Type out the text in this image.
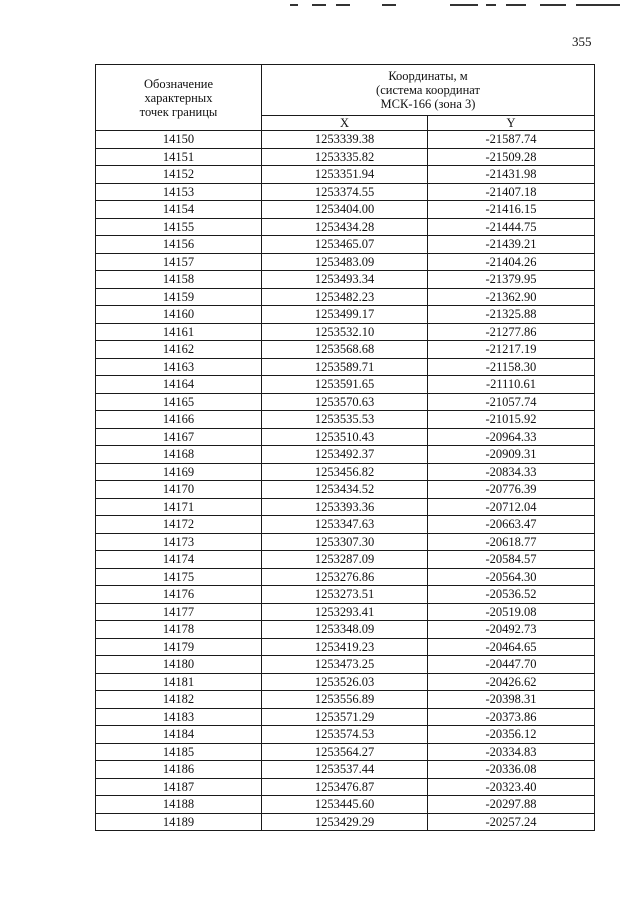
355
Обозначение
характерных
точек границы	Координаты, м
(система координат
МСК-166 (зона 3)	

	X	Y
14150	1253339.38	-21587.74
14151	1253335.82	-21509.28
14152	1253351.94	-21431.98
14153	1253374.55	-21407.18
14154	1253404.00	-21416.15
14155	1253434.28	-21444.75
14156	1253465.07	-21439.21
14157	1253483.09	-21404.26
14158	1253493.34	-21379.95
14159	1253482.23	-21362.90
14160	1253499.17	-21325.88
14161	1253532.10	-21277.86
14162	1253568.68	-21217.19
14163	1253589.71	-21158.30
14164	1253591.65	-21110.61
14165	1253570.63	-21057.74
14166	1253535.53	-21015.92
14167	1253510.43	-20964.33
14168	1253492.37	-20909.31
14169	1253456.82	-20834.33
14170	1253434.52	-20776.39
14171	1253393.36	-20712.04
14172	1253347.63	-20663.47
14173	1253307.30	-20618.77
14174	1253287.09	-20584.57
14175	1253276.86	-20564.30
14176	1253273.51	-20536.52
14177	1253293.41	-20519.08
14178	1253348.09	-20492.73
14179	1253419.23	-20464.65
14180	1253473.25	-20447.70
14181	1253526.03	-20426.62
14182	1253556.89	-20398.31
14183	1253571.29	-20373.86
14184	1253574.53	-20356.12
14185	1253564.27	-20334.83
14186	1253537.44	-20336.08
14187	1253476.87	-20323.40
14188	1253445.60	-20297.88
14189	1253429.29	-20257.24
